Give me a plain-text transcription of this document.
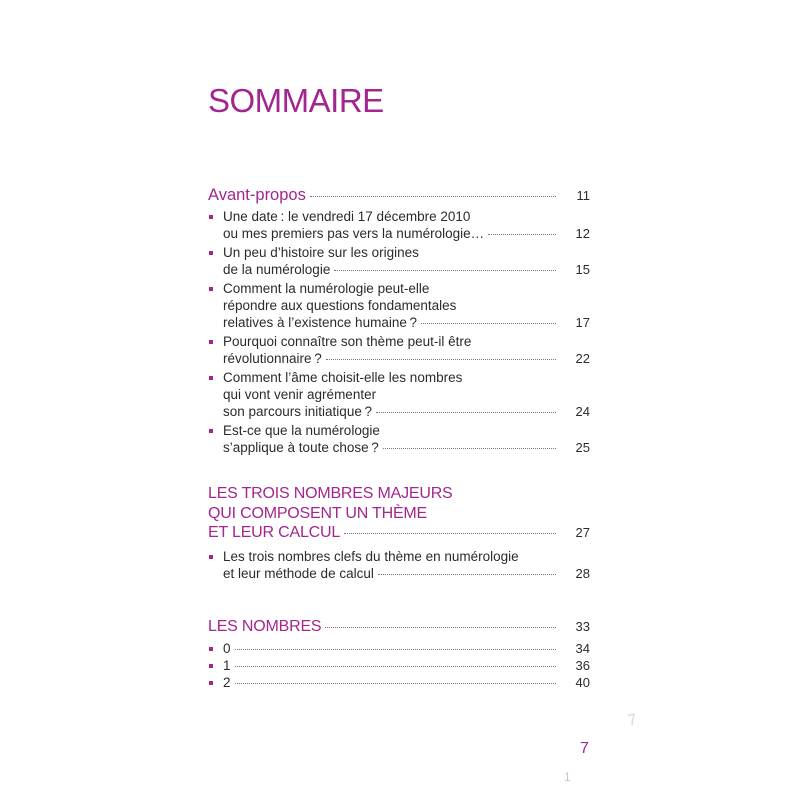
SOMMAIRE
Avant-propos	11
Une date : le vendredi 17 décembre 2010
ou mes premiers pas vers la numérologie…	12
Un peu d’histoire sur les origines
de la numérologie	15
Comment la numérologie peut-elle
répondre aux questions fondamentales
relatives à l’existence humaine ?	17
Pourquoi connaître son thème peut-il être
révolutionnaire ?	22
Comment l’âme choisit-elle les nombres
qui vont venir agrémenter
son parcours initiatique ?	24
Est-ce que la numérologie
s’applique à toute chose ?	25
LES TROIS NOMBRES MAJEURS
QUI COMPOSENT UN THÈME
ET LEUR CALCUL	27
Les trois nombres clefs du thème en numérologie
et leur méthode de calcul	28
LES NOMBRES	33
0	34
1	36
2	40
7
7
1
